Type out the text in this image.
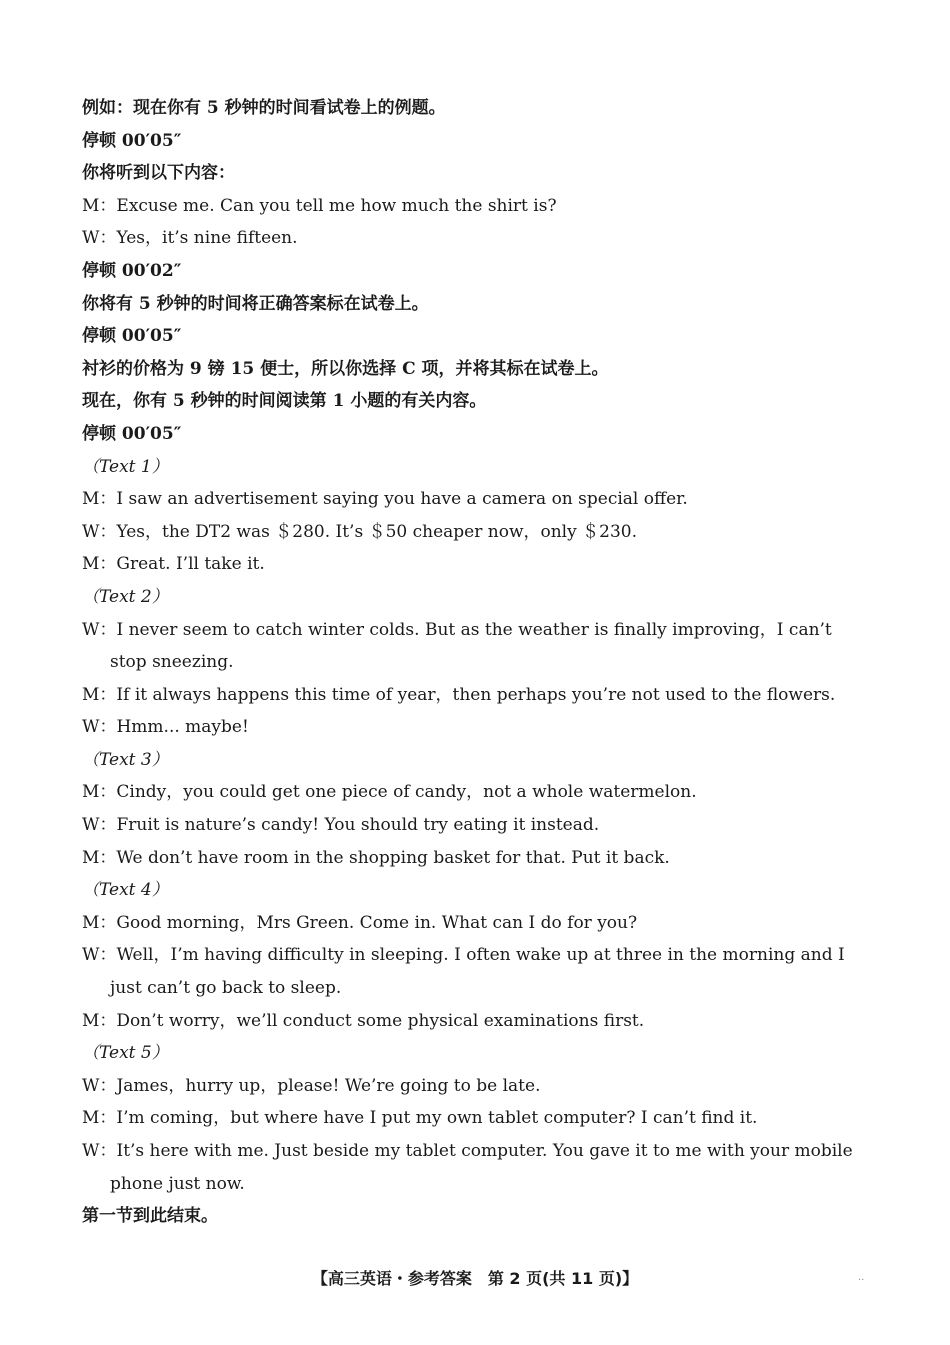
例如：现在你有 5 秒钟的时间看试卷上的例题。
停顿 00′05″
你将听到以下内容：
M：Excuse me. Can you tell me how much the shirt is?
W：Yes，it’s nine fifteen.
停顿 00′02″
你将有 5 秒钟的时间将正确答案标在试卷上。
停顿 00′05″
衬衫的价格为 9 镑 15 便士，所以你选择 C 项，并将其标在试卷上。
现在，你有 5 秒钟的时间阅读第 1 小题的有关内容。
停顿 00′05″
（Text 1）
M：I saw an advertisement saying you have a camera on special offer.
W：Yes，the DT2 was ＄280. It’s ＄50 cheaper now，only ＄230.
M：Great. I’ll take it.
（Text 2）
W：I never seem to catch winter colds. But as the weather is finally improving，I can’t stop sneezing.
M：If it always happens this time of year，then perhaps you’re not used to the flowers.
W：Hmm... maybe!
（Text 3）
M：Cindy，you could get one piece of candy，not a whole watermelon.
W：Fruit is nature’s candy! You should try eating it instead.
M：We don’t have room in the shopping basket for that. Put it back.
（Text 4）
M：Good morning，Mrs Green. Come in. What can I do for you?
W：Well，I’m having difficulty in sleeping. I often wake up at three in the morning and I just can’t go back to sleep.
M：Don’t worry，we’ll conduct some physical examinations first.
（Text 5）
W：James，hurry up，please! We’re going to be late.
M：I’m coming，but where have I put my own tablet computer? I can’t find it.
W：It’s here with me. Just beside my tablet computer. You gave it to me with your mobile phone just now.
第一节到此结束。
【高三英语・参考答案　第 2 页(共 11 页)】	..
